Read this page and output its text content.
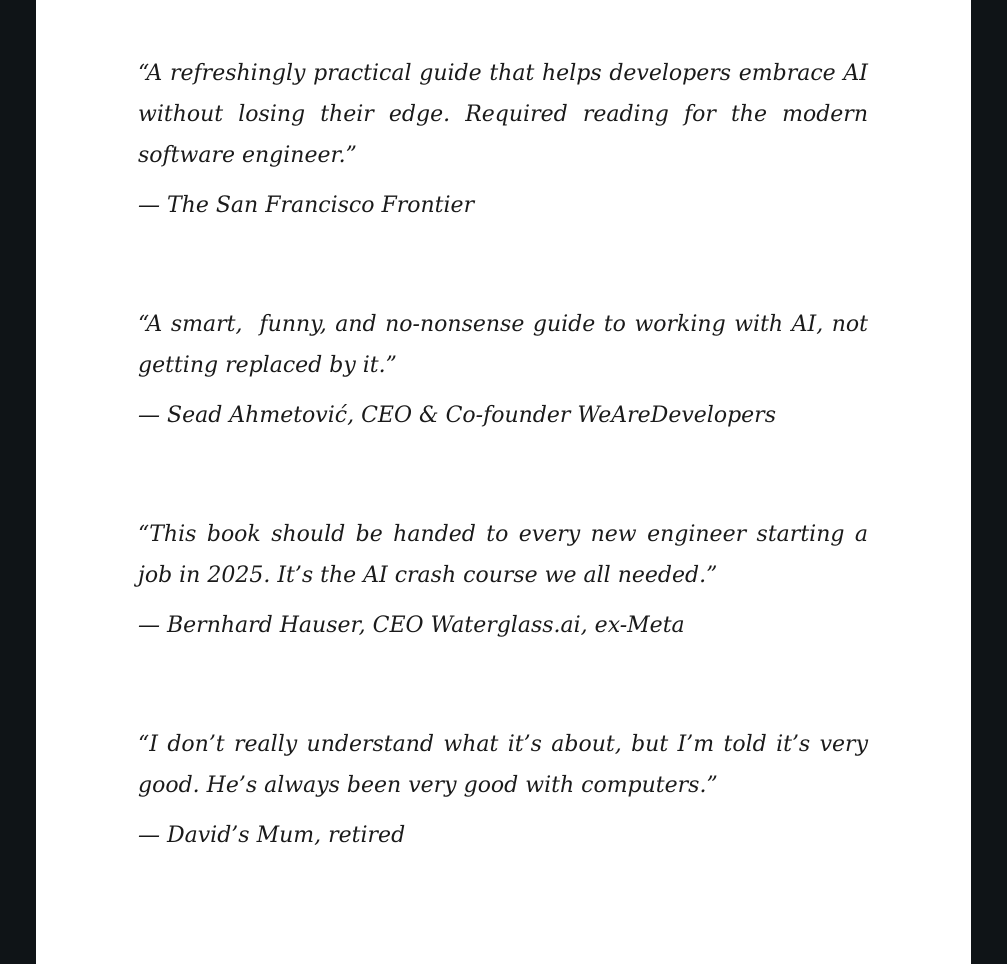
“A refreshingly practical guide that helps developers embrace AI without losing their edge. Required reading for the modern software engineer.”

— The San Francisco Frontier

“A smart,  funny, and no-nonsense guide to working with AI, not getting replaced by it.”

— Sead Ahmetović, CEO & Co-founder WeAreDevelopers

“This book should be handed to every new engineer starting a job in 2025. It’s the AI crash course we all needed.”

— Bernhard Hauser, CEO Waterglass.ai, ex-Meta

“I don’t really understand what it’s about, but I’m told it’s very good. He’s always been very good with computers.”

— David’s Mum, retired
